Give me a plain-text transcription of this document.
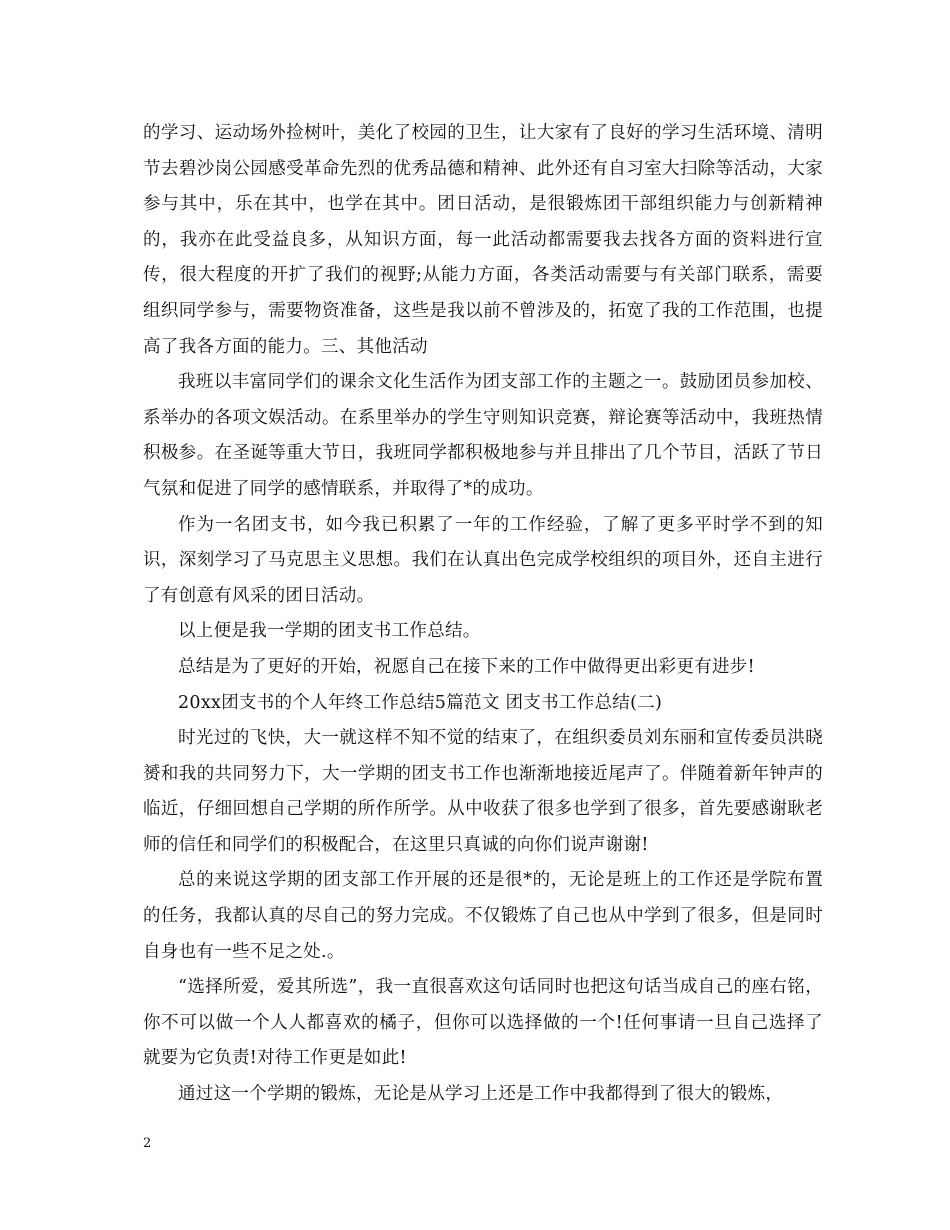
的学习、运动场外捡树叶，美化了校园的卫生，让大家有了良好的学习生活环境、清明节去碧沙岗公园感受革命先烈的优秀品德和精神、此外还有自习室大扫除等活动，大家参与其中，乐在其中，也学在其中。团日活动，是很锻炼团干部组织能力与创新精神的，我亦在此受益良多，从知识方面，每一此活动都需要我去找各方面的资料进行宣传，很大程度的开扩了我们的视野;从能力方面，各类活动需要与有关部门联系，需要组织同学参与，需要物资准备，这些是我以前不曾涉及的，拓宽了我的工作范围，也提高了我各方面的能力。三、其他活动

我班以丰富同学们的课余文化生活作为团支部工作的主题之一。鼓励团员参加校、系举办的各项文娱活动。在系里举办的学生守则知识竞赛，辩论赛等活动中，我班热情积极参。在圣诞等重大节日，我班同学都积极地参与并且排出了几个节目，活跃了节日气氛和促进了同学的感情联系，并取得了*的成功。

作为一名团支书，如今我已积累了一年的工作经验，了解了更多平时学不到的知识，深刻学习了马克思主义思想。我们在认真出色完成学校组织的项目外，还自主进行了有创意有风采的团日活动。

以上便是我一学期的团支书工作总结。

总结是为了更好的开始，祝愿自己在接下来的工作中做得更出彩更有进步!

20xx团支书的个人年终工作总结5篇范文 团支书工作总结(二)

时光过的飞快，大一就这样不知不觉的结束了，在组织委员刘东丽和宣传委员洪晓赟和我的共同努力下，大一学期的团支书工作也渐渐地接近尾声了。伴随着新年钟声的临近，仔细回想自己学期的所作所学。从中收获了很多也学到了很多，首先要感谢耿老师的信任和同学们的积极配合，在这里只真诚的向你们说声谢谢!

总的来说这学期的团支部工作开展的还是很*的，无论是班上的工作还是学院布置的任务，我都认真的尽自己的努力完成。不仅锻炼了自己也从中学到了很多，但是同时自身也有一些不足之处.。

“选择所爱，爱其所选”，我一直很喜欢这句话同时也把这句话当成自己的座右铭，你不可以做一个人人都喜欢的橘子，但你可以选择做的一个!任何事请一旦自己选择了就要为它负责!对待工作更是如此!

通过这一个学期的锻炼，无论是从学习上还是工作中我都得到了很大的锻炼，

2
